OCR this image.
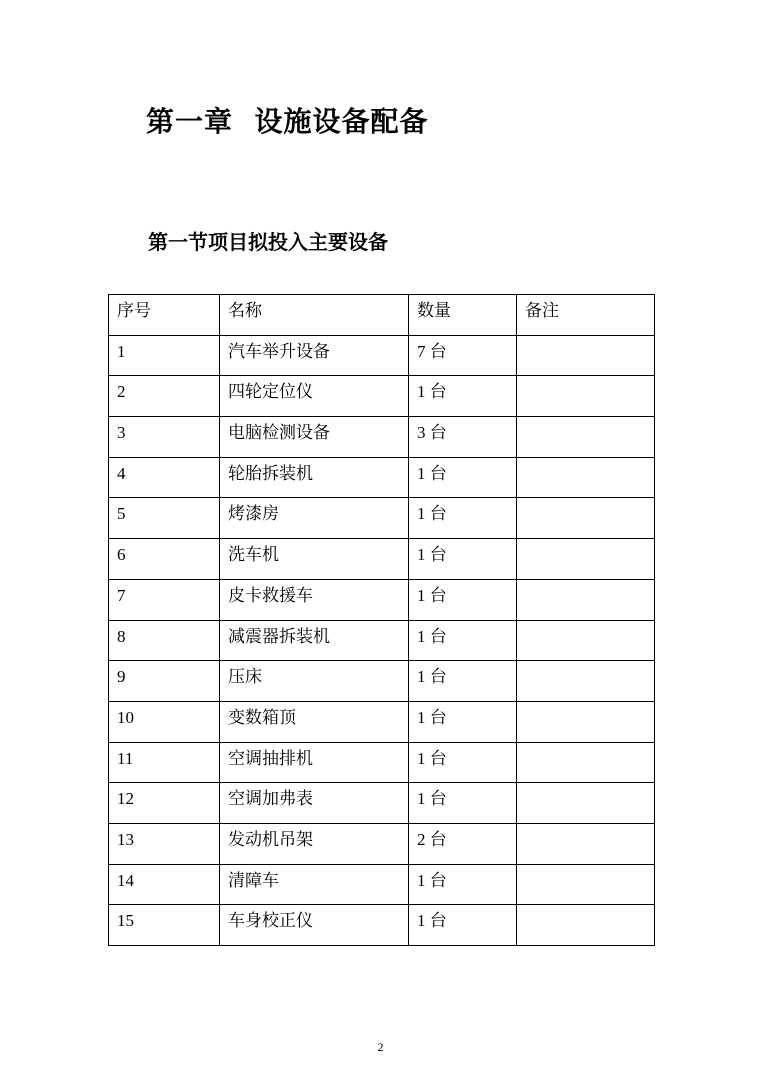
第一章  设施设备配备
第一节项目拟投入主要设备
序号	名称	数量	备注
1	汽车举升设备	7 台	
2	四轮定位仪	1 台	
3	电脑检测设备	3 台	
4	轮胎拆装机	1 台	
5	烤漆房	1 台	
6	洗车机	1 台	
7	皮卡救援车	1 台	
8	减震器拆装机	1 台	
9	压床	1 台	
10	变数箱顶	1 台	
11	空调抽排机	1 台	
12	空调加弗表	1 台	
13	发动机吊架	2 台	
14	清障车	1 台	
15	车身校正仪	1 台	
2
